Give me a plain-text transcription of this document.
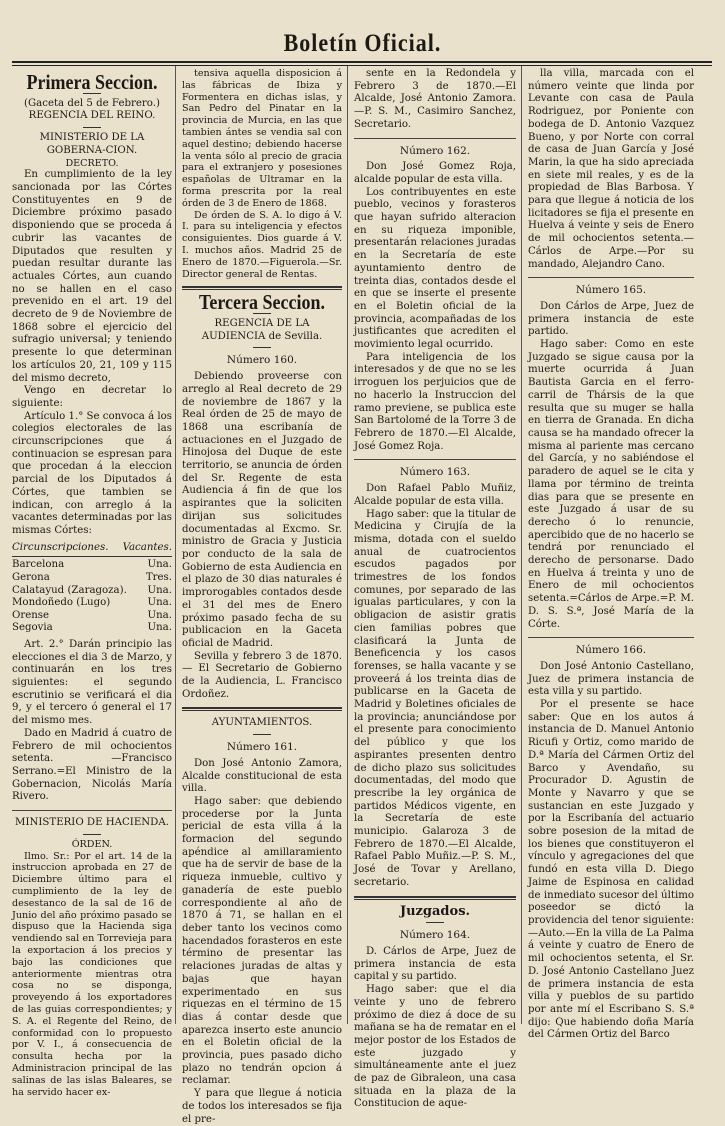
Boletín Oficial.
Primera Seccion.

(Gaceta del 5 de Febrero.)

REGENCIA DEL REINO.

MINISTERIO DE LA GOBERNA-CION.

DECRETO.

En cumplimiento de la ley sancionada por las Córtes Constituyentes en 9 de Diciembre próximo pasado disponiendo que se proceda á cubrir las vacantes de Diputados que resulten y puedan resultar durante las actuales Córtes, aun cuando no se hallen en el caso prevenido en el art. 19 del decreto de 9 de Noviembre de 1868 sobre el ejercicio del sufragio universal; y teniendo presente lo que determinan los artículos 20, 21, 109 y 115 del mismo decreto,

Vengo en decretar lo siguiente:

Artículo 1.° Se convoca á los colegios electorales de las circunscripciones que á continuacion se espresan para que procedan á la eleccion parcial de los Diputados á Córtes, que tambien se indican, con arreglo á la vacantes determinadas por las mismas Córtes:

Circunscripciones. Vacantes.
Barcelona	Una.
Gerona	Tres.
Calatayud (Zaragoza).	Una.
Mondoñedo (Lugo)	Una.
Orense	Una.
Segovia	Una.

Art. 2.° Darán principio las elecciones el dia 3 de Marzo, y continuarán en los tres siguientes: el segundo escrutinio se verificará el dia 9, y el tercero ó general el 17 del mismo mes.

Dado en Madrid á cuatro de Febrero de mil ochocientos setenta. —Francisco Serrano.=El Ministro de la Gobernacion, Nicolás María Rivero.

MINISTERIO DE HACIENDA.

ÓRDEN.

Ilmo. Sr.: Por el art. 14 de la instruccion aprobada en 27 de Diciembre último para el cumplimiento de la ley de desestanco de la sal de 16 de Junio del año próximo pasado se dispuso que la Hacienda siga vendiendo sal en Torrevieja para la exportacion á los precios y bajo las condiciones que anteriormente mientras otra cosa no se disponga, proveyendo á los exportadores de las guias correspondientes; y S. A. el Regente del Reino, de conformidad con lo propuesto por V. I., á consecuencia de consulta hecha por la Administracion principal de las salinas de las islas Baleares, se ha servido hacer ex-

tensiva aquella disposicion á las fábricas de Ibiza y Formentera en dichas islas, y San Pedro del Pinatar en la provincia de Murcia, en las que tambien ántes se vendia sal con aquel destino; debiendo hacerse la venta sólo al precio de gracia para el extranjero y posesiones españolas de Ultramar en la forma prescrita por la real órden de 3 de Enero de 1868.

De órden de S. A. lo digo á V. I. para su inteligencia y efectos consiguientes. Dios guarde á V. I. muchos años. Madrid 25 de Enero de 1870.—Figuerola.—Sr. Director general de Rentas.

Tercera Seccion.

REGENCIA DE LA AUDIENCIA de Sevilla.

Número 160.

Debiendo proveerse con arreglo al Real decreto de 29 de noviembre de 1867 y la Real órden de 25 de mayo de 1868 una escribanía de actuaciones en el Juzgado de Hinojosa del Duque de este territorio, se anuncia de órden del Sr. Regente de esta Audiencia á fin de que los aspirantes que la soliciten dirijan sus solicitudes documentadas al Excmo. Sr. ministro de Gracia y Justicia por conducto de la sala de Gobierno de esta Audiencia en el plazo de 30 dias naturales é improrogables contados desde el 31 del mes de Enero próximo pasado fecha de su publicacion en la Gaceta oficial de Madrid.

Sevilla y febrero 3 de 1870.— El Secretario de Gobierno de la Audiencia, L. Francisco Ordoñez.

AYUNTAMIENTOS.

Número 161.

Don José Antonio Zamora, Alcalde constitucional de esta villa.

Hago saber: que debiendo procederse por la Junta pericial de esta villa á la formacion del segundo apéndice al amillaramiento que ha de servir de base de la riqueza inmueble, cultivo y ganadería de este pueblo correspondiente al año de 1870 á 71, se hallan en el deber tanto los vecinos como hacendados forasteros en este término de presentar las relaciones juradas de altas y bajas que hayan experimentado en sus riquezas en el término de 15 dias á contar desde que aparezca inserto este anuncio en el Boletin oficial de la provincia, pues pasado dicho plazo no tendrán opcion á reclamar.

Y para que llegue á noticia de todos los interesados se fija el pre-

sente en la Redondela y Febrero 3 de 1870.—El Alcalde, José Antonio Zamora.—P. S. M., Casimiro Sanchez, Secretario.

Número 162.

Don José Gomez Roja, alcalde popular de esta villa.

Los contribuyentes en este pueblo, vecinos y forasteros que hayan sufrido alteracion en su riqueza imponible, presentarán relaciones juradas en la Secretaría de este ayuntamiento dentro de treinta dias, contados desde el en que se inserte el presente en el Boletin oficial de la provincia, acompañadas de los justificantes que acrediten el movimiento legal ocurrido.

Para inteligencia de los interesados y de que no se les irroguen los perjuicios que de no hacerlo la Instruccion del ramo previene, se publica este San Bartolomé de la Torre 3 de Febrero de 1870.—El Alcalde, José Gomez Roja.

Número 163.

Don Rafael Pablo Muñiz, Alcalde popular de esta villa.

Hago saber: que la titular de Medicina y Cirujía de la misma, dotada con el sueldo anual de cuatrocientos escudos pagados por trimestres de los fondos comunes, por separado de las igualas particulares, y con la obligacion de asistir gratis cien familias pobres que clasificará la Junta de Beneficencia y los casos forenses, se halla vacante y se proveerá á los treinta dias de publicarse en la Gaceta de Madrid y Boletines oficiales de la provincia; anunciándose por el presente para conocimiento del público y que los aspirantes presenten dentro de dicho plazo sus solicitudes documentadas, del modo que prescribe la ley orgánica de partidos Médicos vigente, en la Secretaría de este municipio. Galaroza 3 de Febrero de 1870.—El Alcalde, Rafael Pablo Muñiz.—P. S. M., José de Tovar y Arellano, secretario.

Juzgados.
Número 164.

D. Cárlos de Arpe, Juez de primera instancia de esta capital y su partido.

Hago saber: que el dia veinte y uno de febrero próximo de diez á doce de su mañana se ha de rematar en el mejor postor de los Estados de este juzgado y simultáneamente ante el juez de paz de Gibraleon, una casa situada en la plaza de la Constitucion de aque-

lla villa, marcada con el número veinte que linda por Levante con casa de Paula Rodriguez, por Poniente con bodega de D. Antonio Vazquez Bueno, y por Norte con corral de casa de Juan García y José Marin, la que ha sido apreciada en siete mil reales, y es de la propiedad de Blas Barbosa. Y para que llegue á noticia de los licitadores se fija el presente en Huelva á veinte y seis de Enero de mil ochocientos setenta.—Cárlos de Arpe.—Por su mandado, Alejandro Cano.

Número 165.

Don Cárlos de Arpe, Juez de primera instancia de este partido.

Hago saber: Como en este Juzgado se sigue causa por la muerte ocurrida á Juan Bautista Garcia en el ferro-carril de Thársis de la que resulta que su muger se halla en tierra de Granada. En dicha causa se ha mandado ofrecer la misma al pariente mas cercano del García, y no sabiéndose el paradero de aquel se le cita y llama por término de treinta dias para que se presente en este Juzgado á usar de su derecho ó lo renuncie, apercibido que de no hacerlo se tendrá por renunciado el derecho de personarse. Dado en Huelva á treinta y uno de Enero de mil ochocientos setenta.=Cárlos de Arpe.=P. M. D. S. S.ª, José María de la Córte.

Número 166.

Don José Antonio Castellano, Juez de primera instancia de esta villa y su partido.

Por el presente se hace saber: Que en los autos á instancia de D. Manuel Antonio Ricufi y Ortiz, como marido de D.ª María del Cármen Ortiz del Barco y Avendaño, su Procurador D. Agustin de Monte y Navarro y que se sustancian en este Juzgado y por la Escribanía del actuario sobre posesion de la mitad de los bienes que constituyeron el vínculo y agregaciones del que fundó en esta villa D. Diego Jaime de Espinosa en calidad de inmediato sucesor del último poseedor se dictó la providencia del tenor siguiente:—Auto.—En la villa de La Palma á veinte y cuatro de Enero de mil ochocientos setenta, el Sr. D. José Antonio Castellano Juez de primera instancia de esta villa y pueblos de su partido por ante mí el Escribano S. S.ª dijo: Que habiendo doña María del Cármen Ortiz del Barco
